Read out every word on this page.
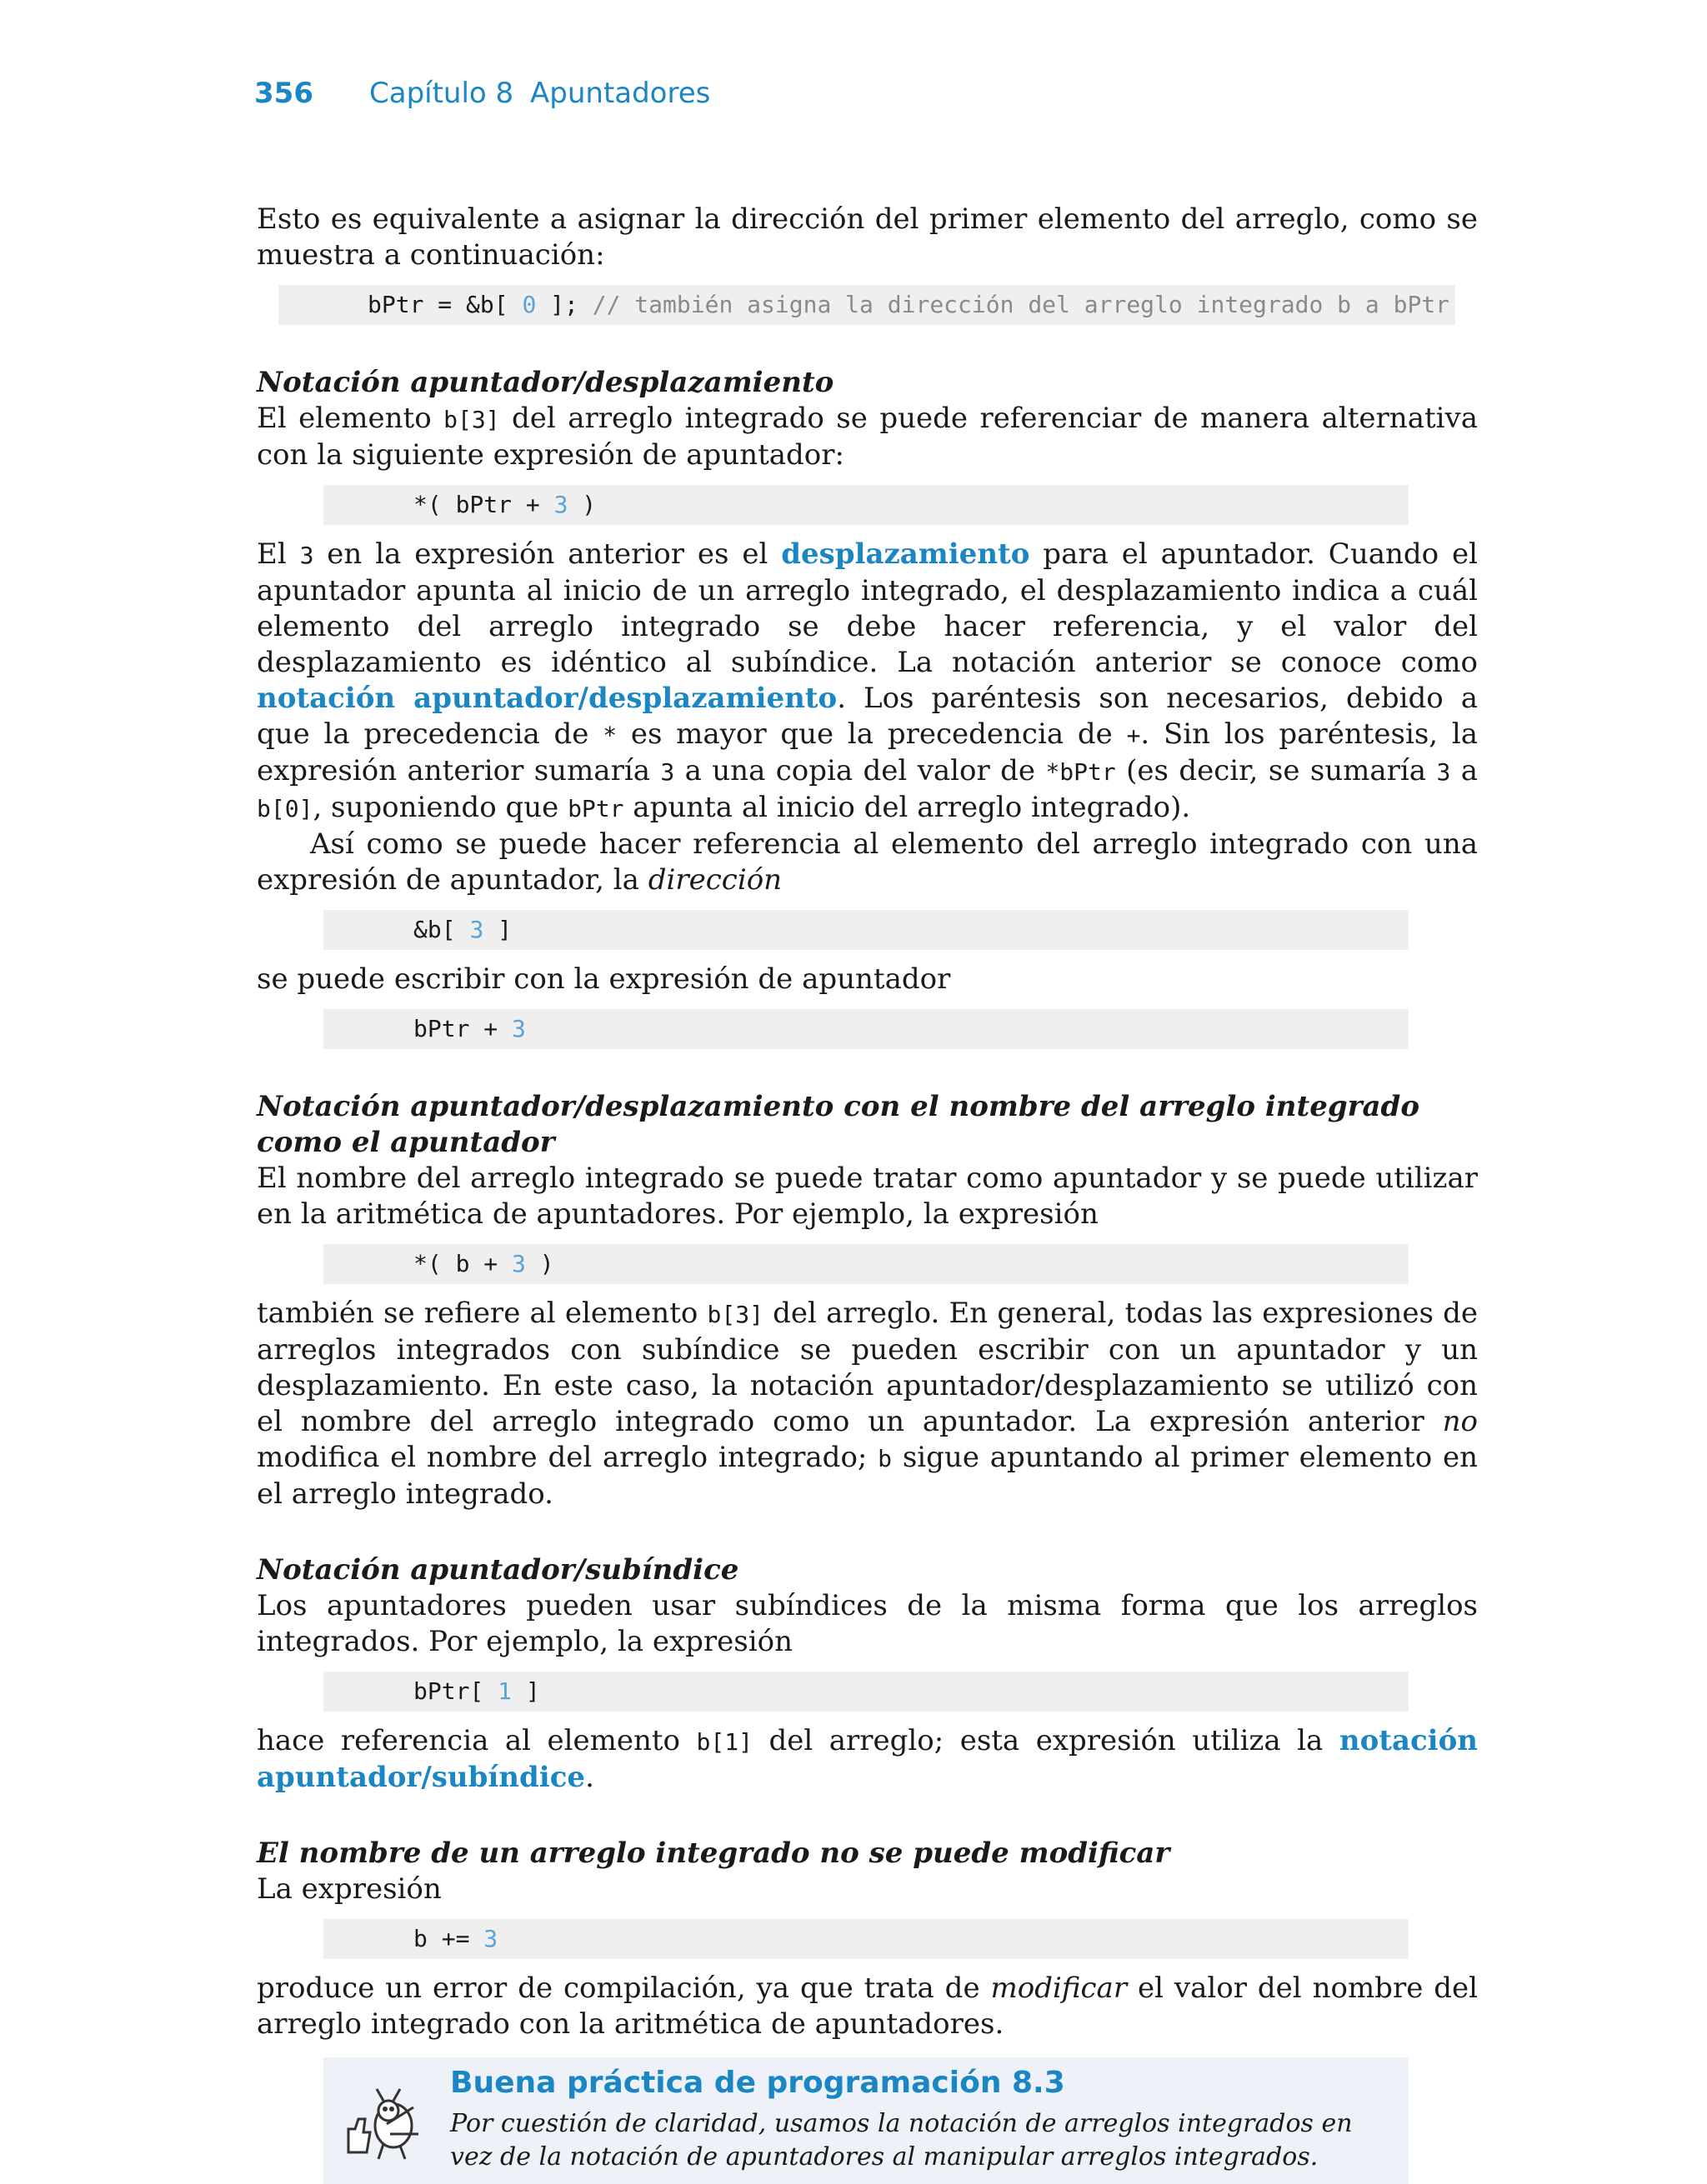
356 Capítulo 8 Apuntadores

Esto es equivalente a asignar la dirección del primer elemento del arreglo, como se muestra a continuación:

bPtr = &b[ 0 ]; // también asigna la dirección del arreglo integrado b a bPtr
Notación apuntador/desplazamiento

El elemento b[3] del arreglo integrado se puede referenciar de manera alternativa con la siguiente expresión de apuntador:

*( bPtr + 3 )

El 3 en la expresión anterior es el desplazamiento para el apuntador. Cuando el apuntador apunta al inicio de un arreglo integrado, el desplazamiento indica a cuál elemento del arreglo integrado se debe hacer referencia, y el valor del desplazamiento es idéntico al subíndice. La notación anterior se conoce como notación apuntador/desplazamiento. Los paréntesis son necesarios, debido a que la precedencia de * es mayor que la precedencia de +. Sin los paréntesis, la expresión anterior sumaría 3 a una copia del valor de *bPtr (es decir, se sumaría 3 a b[0], suponiendo que bPtr apunta al inicio del arreglo integrado).

Así como se puede hacer referencia al elemento del arreglo integrado con una expresión de apuntador, la dirección

&b[ 3 ]

se puede escribir con la expresión de apuntador

bPtr + 3
Notación apuntador/desplazamiento con el nombre del arreglo integrado como el apuntador

El nombre del arreglo integrado se puede tratar como apuntador y se puede utilizar en la aritmética de apuntadores. Por ejemplo, la expresión

*( b + 3 )

también se refiere al elemento b[3] del arreglo. En general, todas las expresiones de arreglos integrados con subíndice se pueden escribir con un apuntador y un desplazamiento. En este caso, la notación apuntador/desplazamiento se utilizó con el nombre del arreglo integrado como un apuntador. La expresión anterior no modifica el nombre del arreglo integrado; b sigue apuntando al primer elemento en el arreglo integrado.

Notación apuntador/subíndice

Los apuntadores pueden usar subíndices de la misma forma que los arreglos integrados. Por ejemplo, la expresión

bPtr[ 1 ]

hace referencia al elemento b[1] del arreglo; esta expresión utiliza la notación apuntador/subíndice.

El nombre de un arreglo integrado no se puede modificar

La expresión

b += 3

produce un error de compilación, ya que trata de modificar el valor del nombre del arreglo integrado con la aritmética de apuntadores.

Buena práctica de programación 8.3
Por cuestión de claridad, usamos la notación de arreglos integrados en vez de la notación de apuntadores al manipular arreglos integrados.
